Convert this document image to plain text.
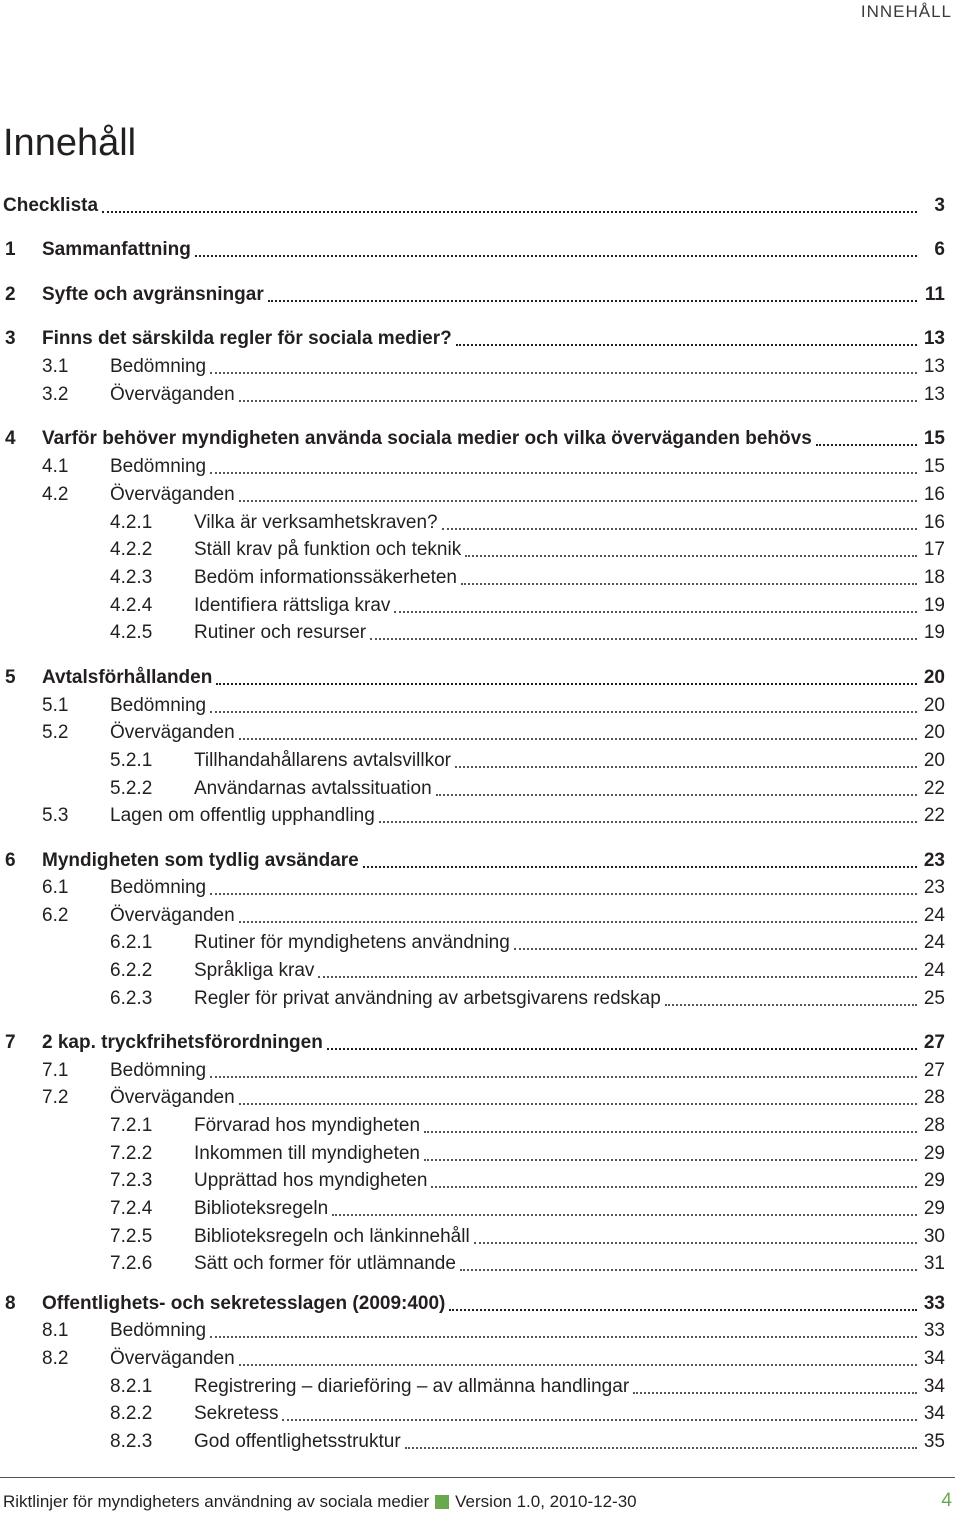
INNEHÅLL
Innehåll
Checklista	3
1	Sammanfattning	6
2	Syfte och avgränsningar	11
3	Finns det särskilda regler för sociala medier?	13
3.1	Bedömning	13
3.2	Överväganden	13
4	Varför behöver myndigheten använda sociala medier och vilka överväganden behövs	15
4.1	Bedömning	15
4.2	Överväganden	16
4.2.1	Vilka är verksamhetskraven?	16
4.2.2	Ställ krav på funktion och teknik	17
4.2.3	Bedöm informationssäkerheten	18
4.2.4	Identifiera rättsliga krav	19
4.2.5	Rutiner och resurser	19
5	Avtalsförhållanden	20
5.1	Bedömning	20
5.2	Överväganden	20
5.2.1	Tillhandahållarens avtalsvillkor	20
5.2.2	Användarnas avtalssituation	22
5.3	Lagen om offentlig upphandling	22
6	Myndigheten som tydlig avsändare	23
6.1	Bedömning	23
6.2	Överväganden	24
6.2.1	Rutiner för myndighetens användning	24
6.2.2	Språkliga krav	24
6.2.3	Regler för privat användning av arbetsgivarens redskap	25
7	2 kap. tryckfrihetsförordningen	27
7.1	Bedömning	27
7.2	Överväganden	28
7.2.1	Förvarad hos myndigheten	28
7.2.2	Inkommen till myndigheten	29
7.2.3	Upprättad hos myndigheten	29
7.2.4	Biblioteksregeln	29
7.2.5	Biblioteksregeln och länkinnehåll	30
7.2.6	Sätt och former för utlämnande	31
8	Offentlighets- och sekretesslagen (2009:400)	33
8.1	Bedömning	33
8.2	Överväganden	34
8.2.1	Registrering – diarieföring – av allmänna handlingar	34
8.2.2	Sekretess	34
8.2.3	God offentlighetsstruktur	35
Riktlinjer för myndigheters användning av sociala medier Version 1.0, 2010-12-30	4
